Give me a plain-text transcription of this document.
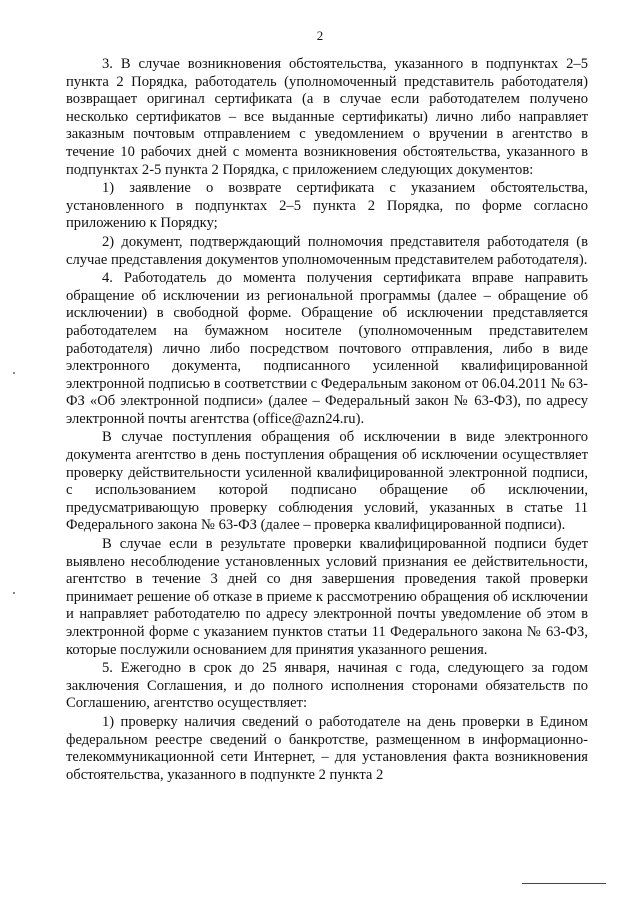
2

3. В случае возникновения обстоятельства, указанного в подпунктах 2–5 пункта 2 Порядка, работодатель (уполномоченный представитель работодателя) возвращает оригинал сертификата (а в случае если работодателем получено несколько сертификатов – все выданные сертификаты) лично либо направляет заказным почтовым отправлением с уведомлением о вручении в агентство в течение 10 рабочих дней с момента возникновения обстоятельства, указанного в подпунктах 2-5 пункта 2 Порядка, с приложением следующих документов:

1) заявление о возврате сертификата с указанием обстоятельства, установленного в подпунктах 2–5 пункта 2 Порядка, по форме согласно приложению к Порядку;

2) документ, подтверждающий полномочия представителя работодателя (в случае представления документов уполномоченным представителем работодателя).

4. Работодатель до момента получения сертификата вправе направить обращение об исключении из региональной программы (далее – обращение об исключении) в свободной форме. Обращение об исключении представляется работодателем на бумажном носителе (уполномоченным представителем работодателя) лично либо посредством почтового отправления, либо в виде электронного документа, подписанного усиленной квалифицированной электронной подписью в соответствии с Федеральным законом от 06.04.2011 № 63-ФЗ «Об электронной подписи» (далее – Федеральный закон № 63-ФЗ), по адресу электронной почты агентства (office@azn24.ru).

В случае поступления обращения об исключении в виде электронного документа агентство в день поступления обращения об исключении осуществляет проверку действительности усиленной квалифицированной электронной подписи, с использованием которой подписано обращение об исключении, предусматривающую проверку соблюдения условий, указанных в статье 11 Федерального закона № 63-ФЗ (далее – проверка квалифицированной подписи).

В случае если в результате проверки квалифицированной подписи будет выявлено несоблюдение установленных условий признания ее действительности, агентство в течение 3 дней со дня завершения проведения такой проверки принимает решение об отказе в приеме к рассмотрению обращения об исключении и направляет работодателю по адресу электронной почты уведомление об этом в электронной форме с указанием пунктов статьи 11 Федерального закона № 63-ФЗ, которые послужили основанием для принятия указанного решения.

5. Ежегодно в срок до 25 января, начиная с года, следующего за годом заключения Соглашения, и до полного исполнения сторонами обязательств по Соглашению, агентство осуществляет:

1) проверку наличия сведений о работодателе на день проверки в Едином федеральном реестре сведений о банкротстве, размещенном в информационно-телекоммуникационной сети Интернет, – для установления факта возникновения обстоятельства, указанного в подпункте 2 пункта 2
